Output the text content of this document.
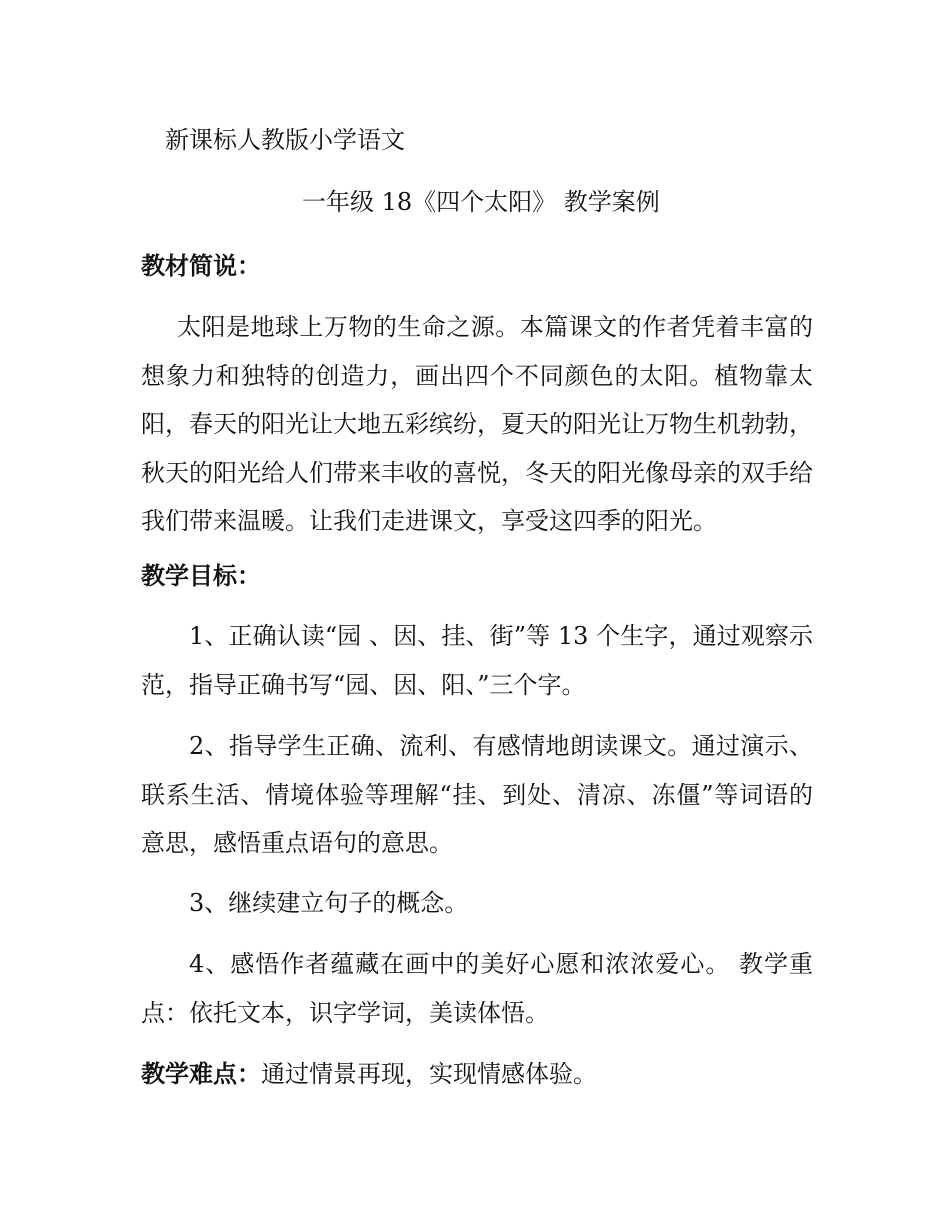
新课标人教版小学语文
一年级 18《四个太阳》 教学案例
教材简说：
太阳是地球上万物的生命之源。本篇课文的作者凭着丰富的想象力和独特的创造力，画出四个不同颜色的太阳。植物靠太阳，春天的阳光让大地五彩缤纷，夏天的阳光让万物生机勃勃，秋天的阳光给人们带来丰收的喜悦，冬天的阳光像母亲的双手给我们带来温暖。让我们走进课文，享受这四季的阳光。
教学目标：
1、正确认读“园 、因、挂、街”等 13 个生字，通过观察示范，指导正确书写“园、因、阳、”三个字。
2、指导学生正确、流利、有感情地朗读课文。通过演示、联系生活、情境体验等理解“挂、到处、清凉、冻僵”等词语的意思，感悟重点语句的意思。
3、继续建立句子的概念。
4、感悟作者蕴藏在画中的美好心愿和浓浓爱心。 教学重点：依托文本，识字学词，美读体悟。
教学难点：通过情景再现，实现情感体验。
